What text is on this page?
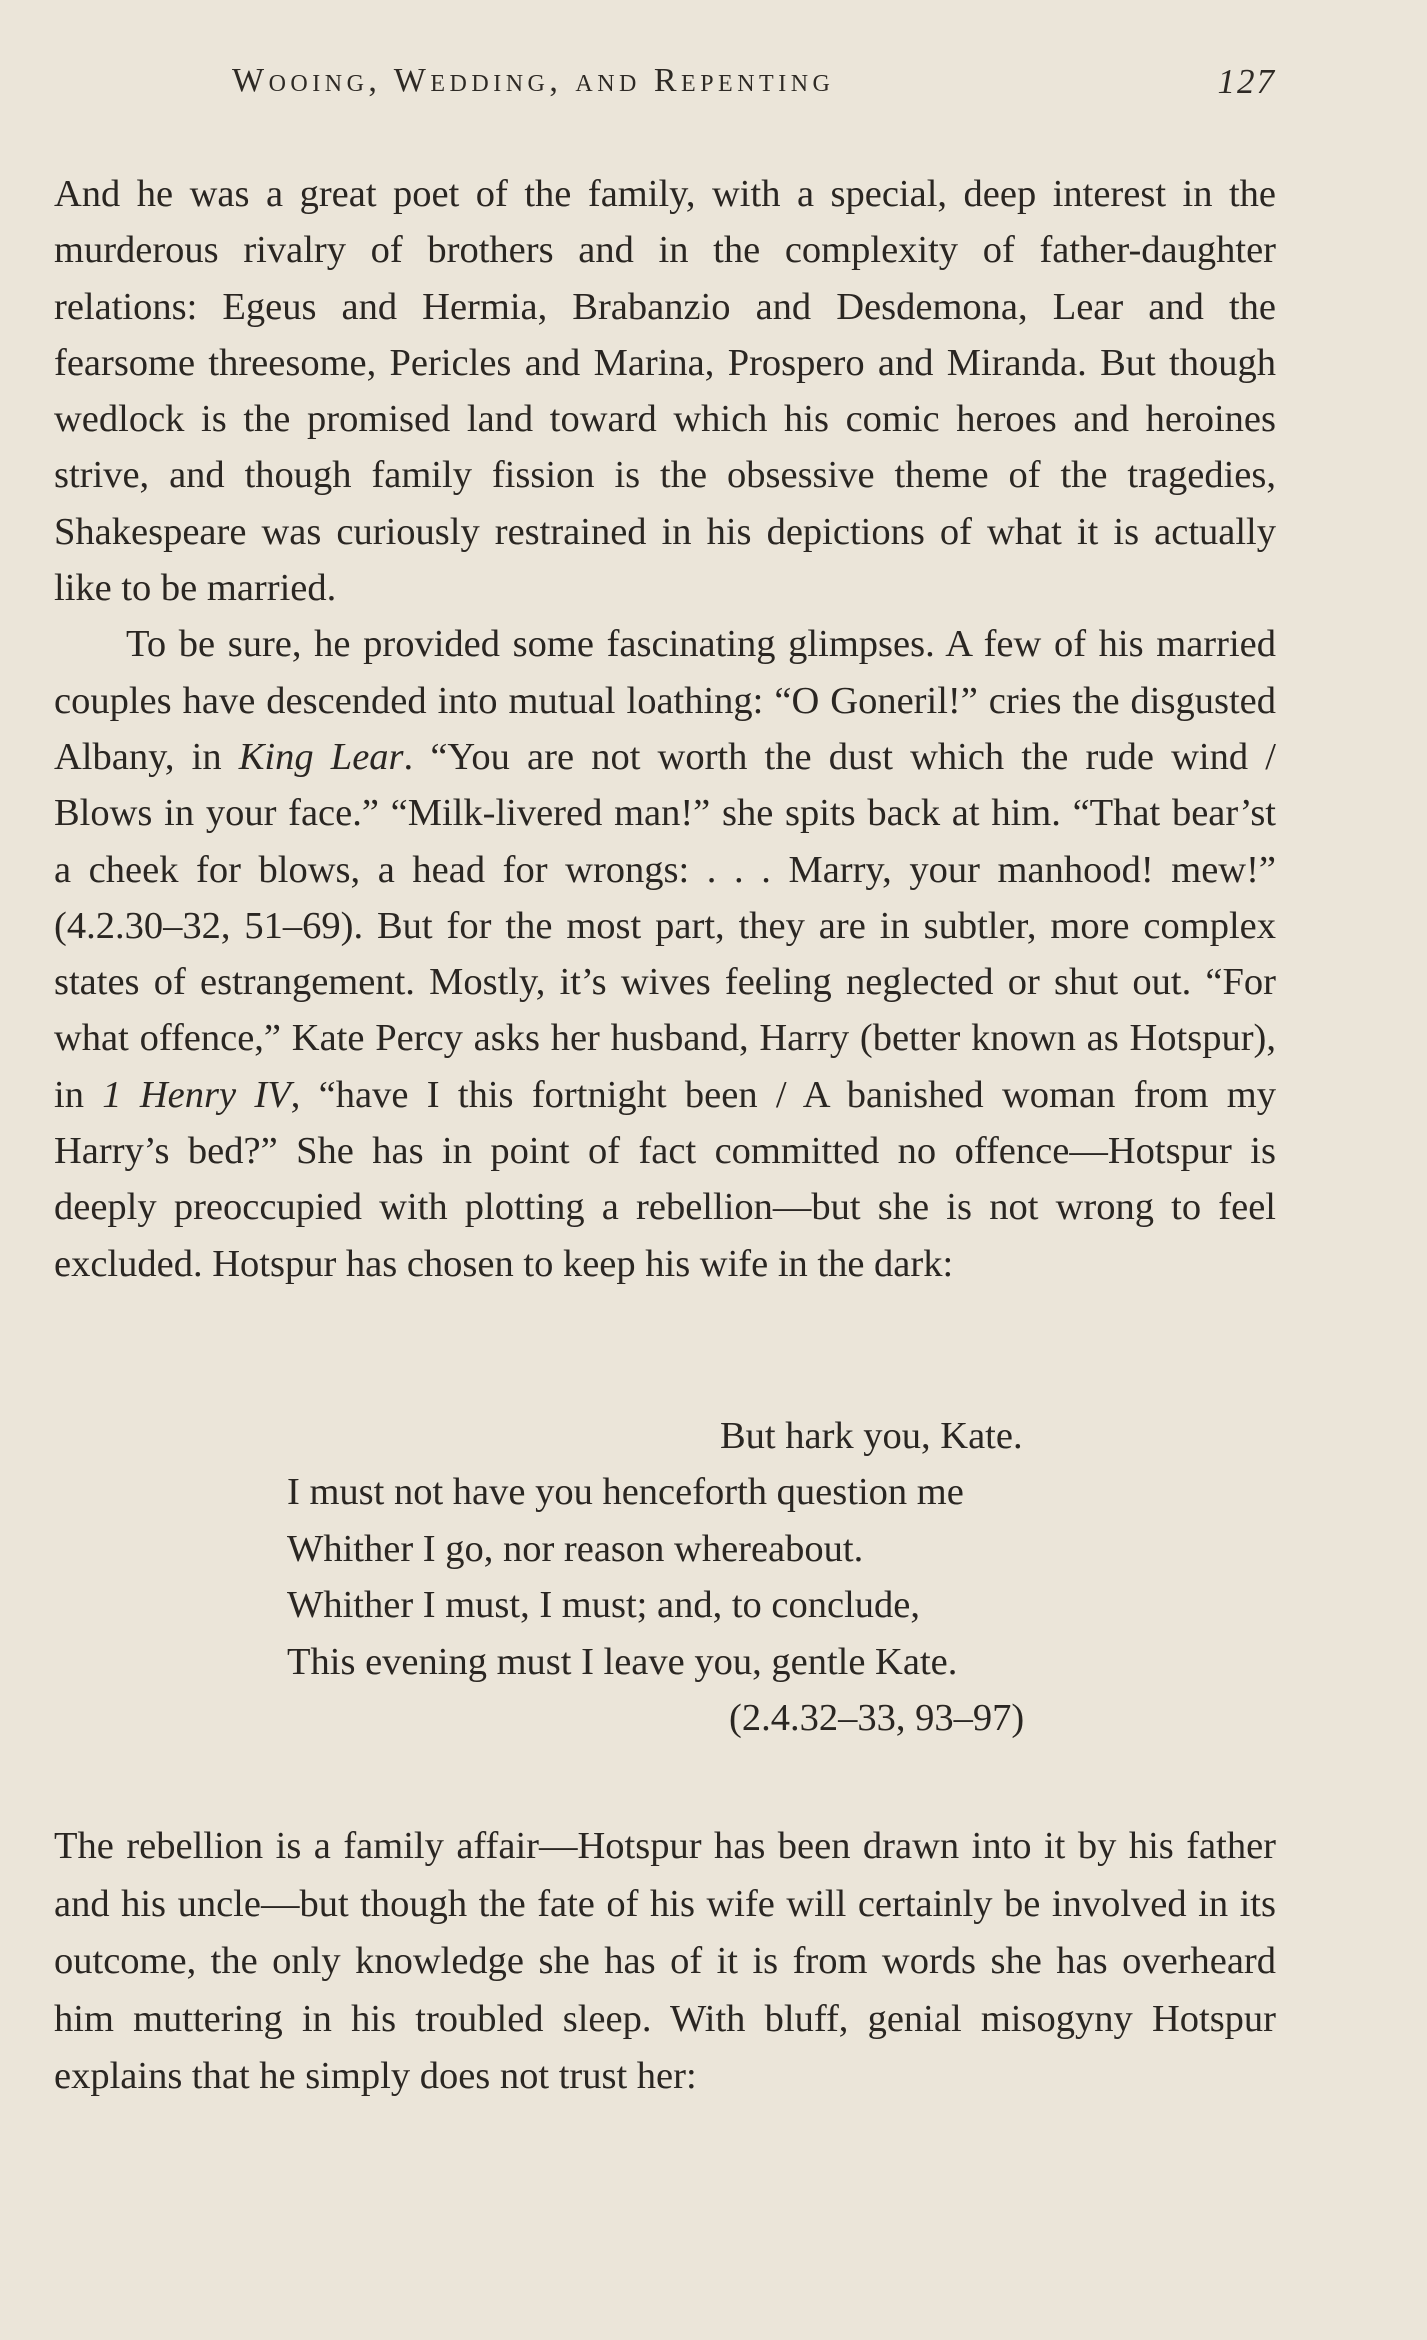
Wooing, Wedding, and Repenting	127

And he was a great poet of the family, with a special, deep interest in the murderous rivalry of brothers and in the complexity of father-daughter relations: Egeus and Hermia, Brabanzio and Desdemona, Lear and the fearsome threesome, Pericles and Marina, Prospero and Miranda. But though wedlock is the promised land toward which his comic heroes and heroines strive, and though family fission is the obsessive theme of the tragedies, Shakespeare was curiously restrained in his depictions of what it is actually like to be married.

To be sure, he provided some fascinating glimpses. A few of his married couples have descended into mutual loathing: “O Goneril!” cries the disgusted Albany, in King Lear. “You are not worth the dust which the rude wind / Blows in your face.” “Milk-livered man!” she spits back at him. “That bear’st a cheek for blows, a head for wrongs: . . . Marry, your manhood! mew!” (4.2.30–32, 51–69). But for the most part, they are in subtler, more complex states of estrangement. Mostly, it’s wives feeling neglected or shut out. “For what offence,” Kate Percy asks her husband, Harry (better known as Hotspur), in 1 Henry IV, “have I this fortnight been / A banished woman from my Harry’s bed?” She has in point of fact committed no offence—Hotspur is deeply preoccupied with plotting a rebellion—but she is not wrong to feel excluded. Hotspur has chosen to keep his wife in the dark:

But hark you, Kate.
I must not have you henceforth question me
Whither I go, nor reason whereabout.
Whither I must, I must; and, to conclude,
This evening must I leave you, gentle Kate.
(2.4.32–33, 93–97)

The rebellion is a family affair—Hotspur has been drawn into it by his father and his uncle—but though the fate of his wife will certainly be involved in its outcome, the only knowledge she has of it is from words she has overheard him muttering in his troubled sleep. With bluff, genial misogyny Hotspur explains that he simply does not trust her:
